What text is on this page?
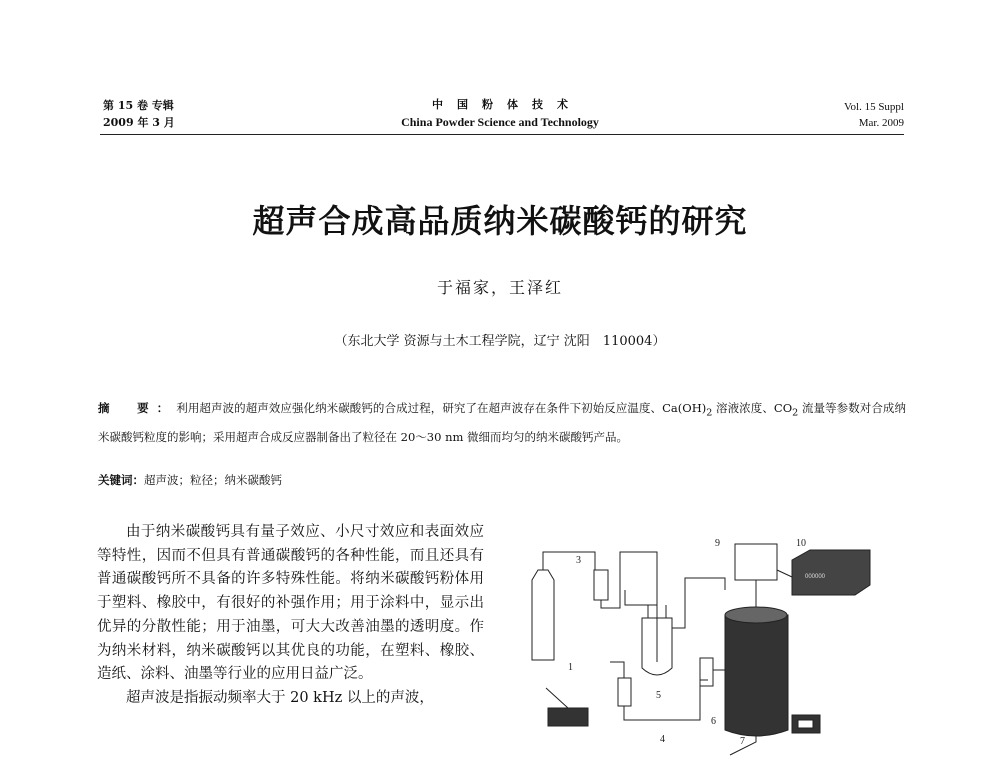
第 15 卷 专辑
2009 年 3 月
中国粉体技术
China Powder Science and Technology
Vol. 15 Suppl
Mar. 2009
超声合成高品质纳米碳酸钙的研究
于福家，王泽红
（东北大学 资源与土木工程学院，辽宁 沈阳　110004）
摘　要：利用超声波的超声效应强化纳米碳酸钙的合成过程，研究了在超声波存在条件下初始反应温度、$Ca(OH)_2$ 溶液浓度、$CO_2$ 流量等参数对合成纳米碳酸钙粒度的影响；采用超声合成反应器制备出了粒径在 20～30 nm 微细而均匀的纳米碳酸钙产品。
关键词：超声波；粒径；纳米碳酸钙

由于纳米碳酸钙具有量子效应、小尺寸效应和表面效应等特性，因而不但具有普通碳酸钙的各种性能，而且还具有普通碳酸钙所不具备的许多特殊性能。将纳米碳酸钙粉体用于塑料、橡胶中，有很好的补强作用；用于涂料中，显示出优异的分散性能；用于油墨，可大大改善油墨的透明度。作为纳米材料，纳米碳酸钙以其优良的功能，在塑料、橡胶、造纸、涂料、油墨等行业的应用日益广泛。

超声波是指振动频率大于 20 kHz 以上的声波，

000000
1
3
4
5
6
7
9	10
